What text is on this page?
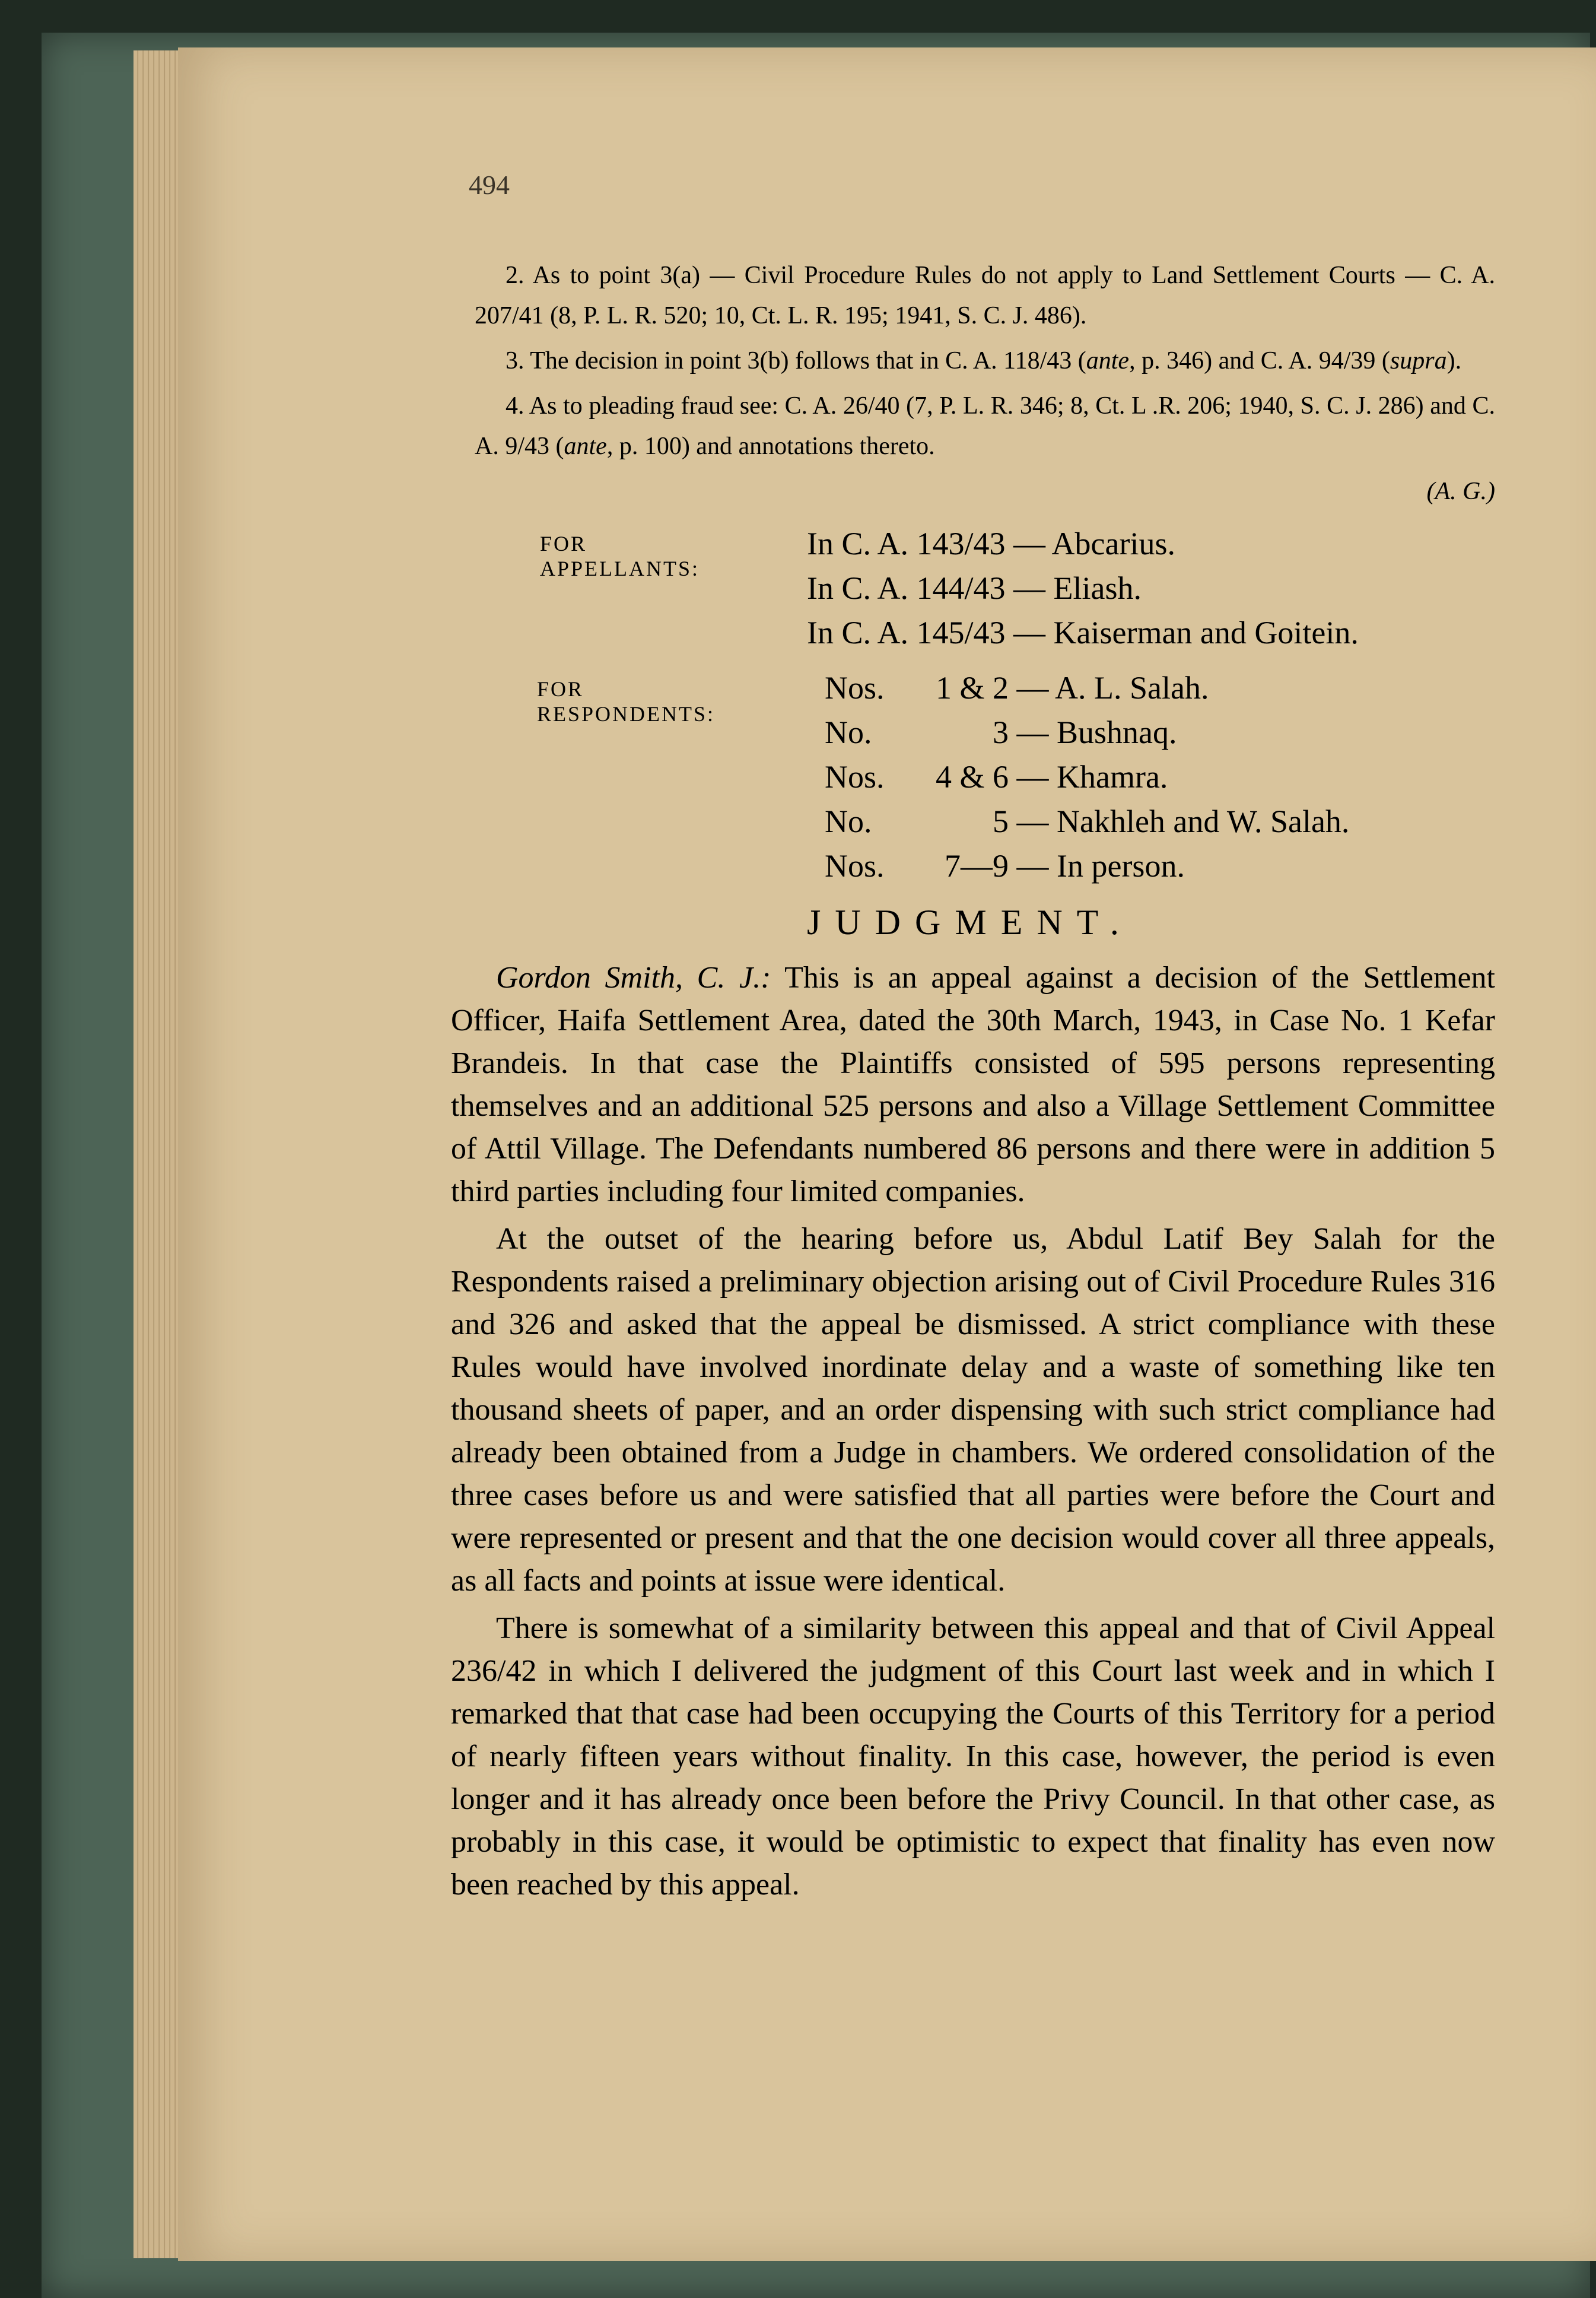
494

2. As to point 3(a) — Civil Procedure Rules do not apply to Land Settlement Courts — C. A. 207/41 (8, P. L. R. 520; 10, Ct. L. R. 195; 1941, S. C. J. 486).

3. The decision in point 3(b) follows that in C. A. 118/43 (ante, p. 346) and C. A. 94/39 (supra).

4. As to pleading fraud see: C. A. 26/40 (7, P. L. R. 346; 8, Ct. L .R. 206; 1940, S. C. J. 286) and C. A. 9/43 (ante, p. 100) and annotations thereto.

(A. G.)
FOR APPELLANTS:
In C. A. 143/43 — Abcarius.
In C. A. 144/43 — Eliash.
In C. A. 145/43 — Kaiserman and Goitein.
FOR RESPONDENTS:
Nos. 1 & 2 — A. L. Salah.
No.	3 — Bushnaq.
Nos. 4 & 6 — Khamra.
No.	5 — Nakhleh and W. Salah.
Nos. 7—9 — In person.
JUDGMENT.

Gordon Smith, C. J.: This is an appeal against a decision of the Settlement Officer, Haifa Settlement Area, dated the 30th March, 1943, in Case No. 1 Kefar Brandeis. In that case the Plaintiffs consisted of 595 persons representing themselves and an additional 525 persons and also a Village Settlement Committee of Attil Village. The Defendants numbered 86 persons and there were in addition 5 third parties including four limited companies.

At the outset of the hearing before us, Abdul Latif Bey Salah for the Respondents raised a preliminary objection arising out of Civil Procedure Rules 316 and 326 and asked that the appeal be dismissed. A strict compliance with these Rules would have involved inordinate delay and a waste of something like ten thousand sheets of paper, and an order dispensing with such strict compliance had already been obtained from a Judge in chambers. We ordered consolidation of the three cases before us and were satisfied that all parties were before the Court and were represented or present and that the one decision would cover all three appeals, as all facts and points at issue were identical.

There is somewhat of a similarity between this appeal and that of Civil Appeal 236/42 in which I delivered the judgment of this Court last week and in which I remarked that that case had been occupying the Courts of this Territory for a period of nearly fifteen years without finality. In this case, however, the period is even longer and it has already once been before the Privy Council. In that other case, as probably in this case, it would be optimistic to expect that finality has even now been reached by this appeal.
